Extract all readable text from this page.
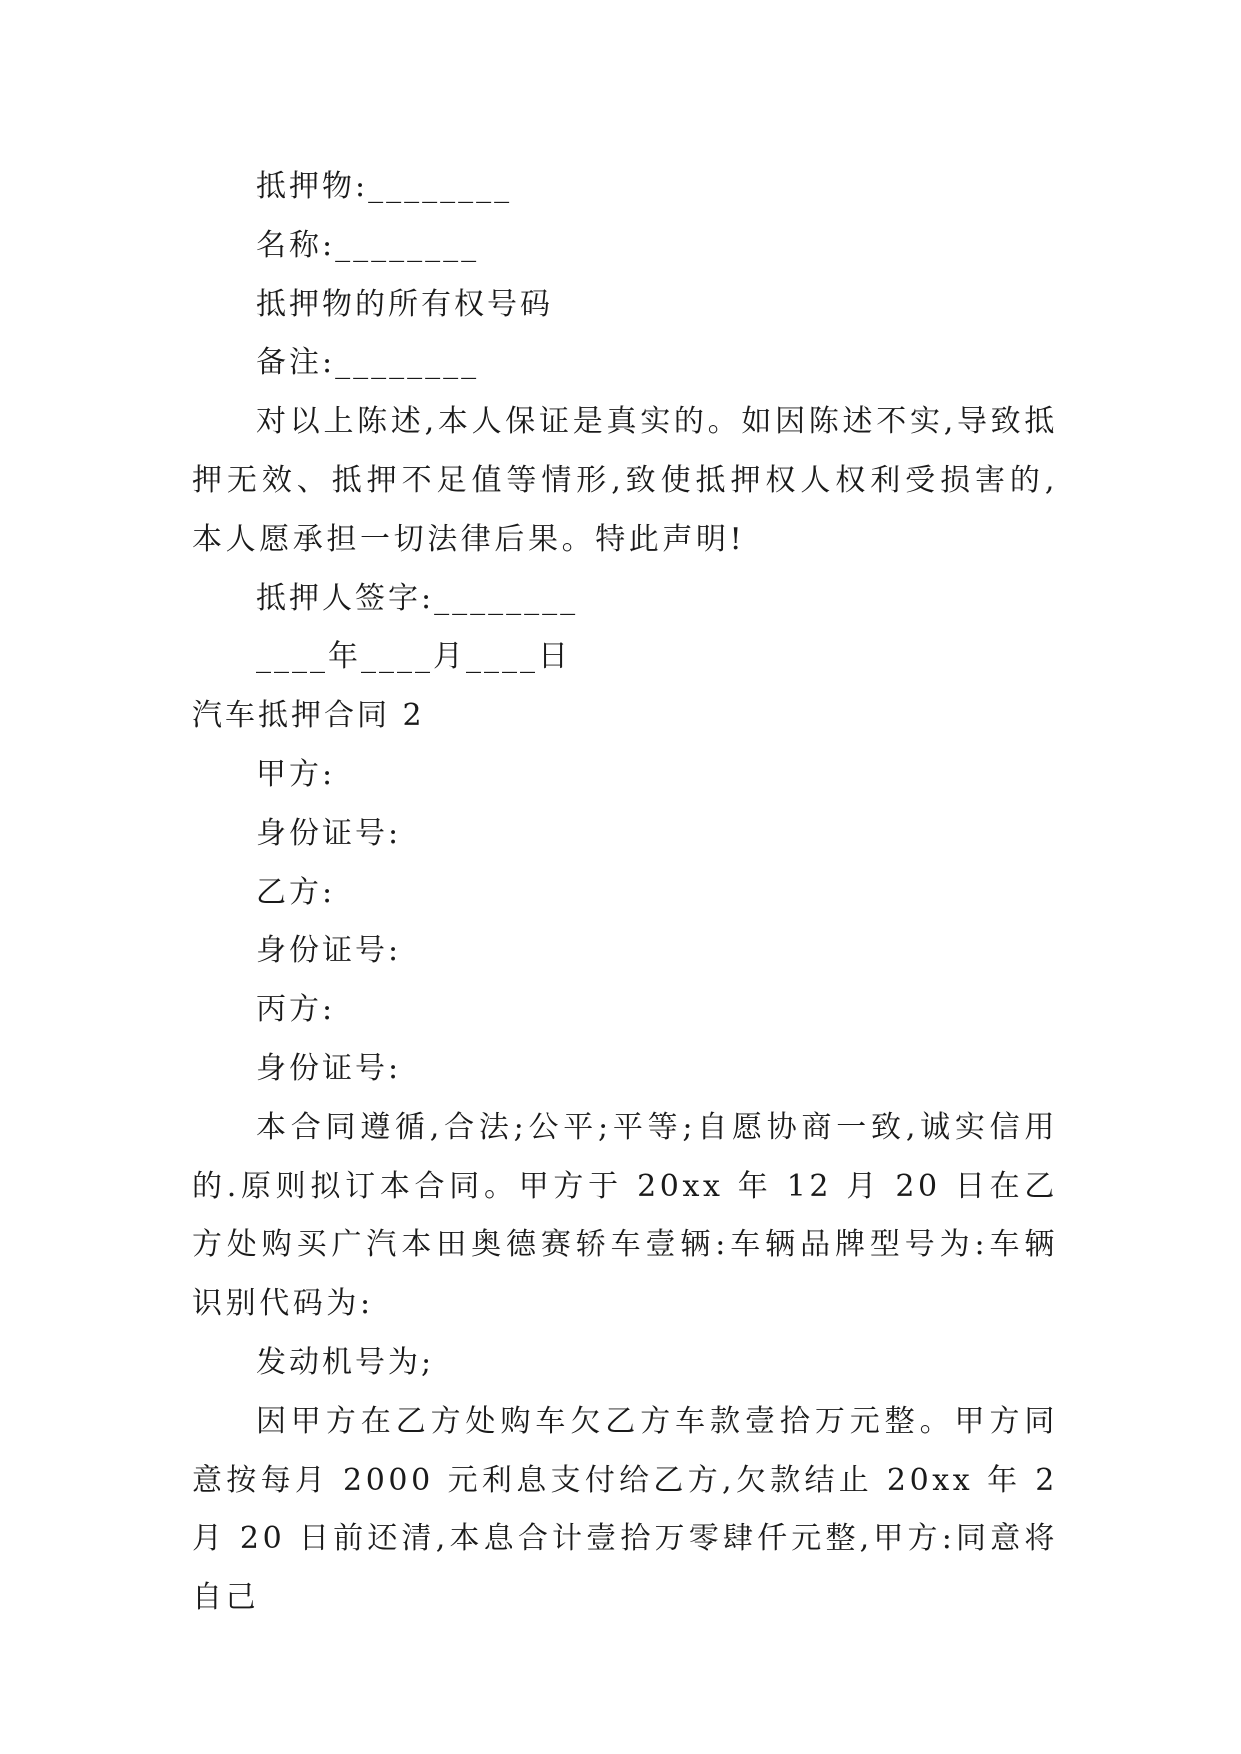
抵押物:________

名称:________

抵押物的所有权号码

备注:________

对以上陈述,本人保证是真实的。如因陈述不实,导致抵押无效、抵押不足值等情形,致使抵押权人权利受损害的,本人愿承担一切法律后果。特此声明!

抵押人签字:________

____年____月____日

汽车抵押合同 2

甲方:

身份证号:

乙方:

身份证号:

丙方:

身份证号:

本合同遵循,合法;公平;平等;自愿协商一致,诚实信用的.原则拟订本合同。甲方于 20xx 年 12 月 20 日在乙方处购买广汽本田奥德赛轿车壹辆:车辆品牌型号为:车辆识别代码为:

发动机号为;

因甲方在乙方处购车欠乙方车款壹拾万元整。甲方同意按每月 2000 元利息支付给乙方,欠款结止 20xx 年 2 月 20 日前还清,本息合计壹拾万零肆仟元整,甲方:同意将自己
